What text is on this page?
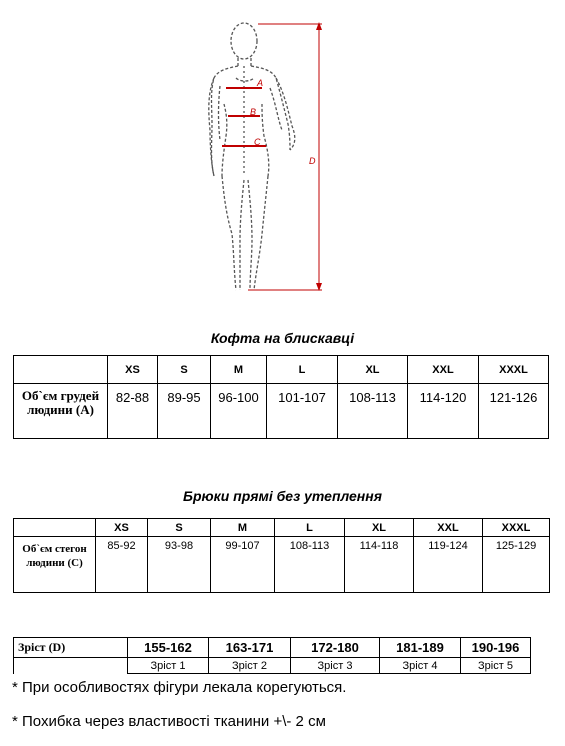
A
B
C
D
Кофта на блискавці
	XS	S	M	L	XL	XXL	XXXL
Об`єм грудей людини (А)	82-88	89-95	96-100	101-107	108-113	114-120	121-126
Брюки прямі без утеплення
	XS	S	M	L	XL	XXL	XXXL
Об`єм стегон людини (C)	85-92	93-98	99-107	108-113	114-118	119-124	125-129
Зріст (D)	155-162	163-171	172-180	181-189	190-196
	Зріст 1	Зріст 2	Зріст 3	Зріст 4	Зріст 5
* При особливостях фігури лекала корегуються.
* Похибка через властивості тканини +\- 2 см
